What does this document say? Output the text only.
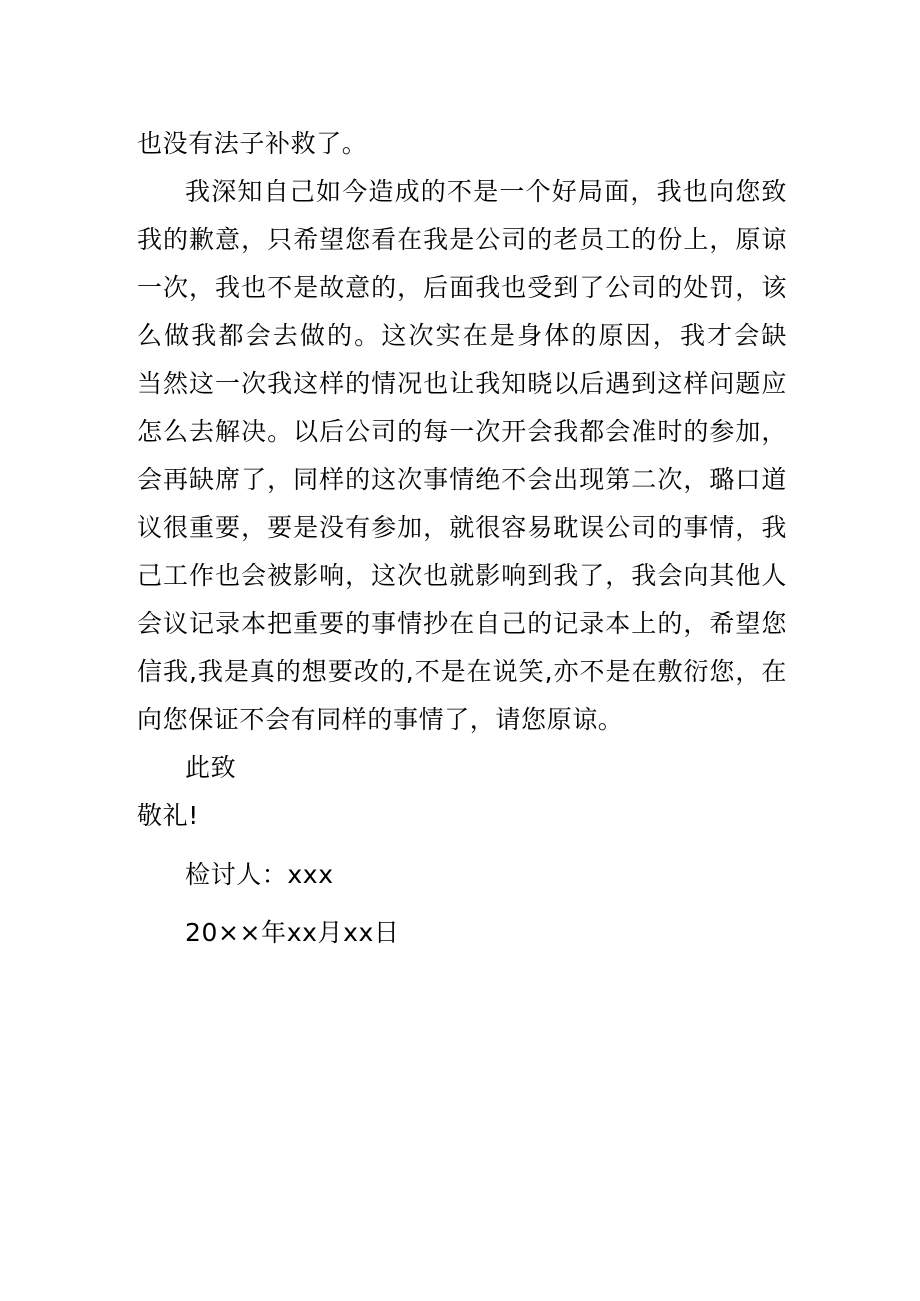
也没有法子补救了。
我深知自己如今造成的不是一个好局面，我也向您致
我的歉意，只希望您看在我是公司的老员工的份上，原谅
一次，我也不是故意的，后面我也受到了公司的处罚，该
么做我都会去做的。这次实在是身体的原因，我才会缺
当然这一次我这样的情况也让我知晓以后遇到这样问题应
怎么去解决。以后公司的每一次开会我都会准时的参加，
会再缺席了，同样的这次事情绝不会出现第二次，璐口道
议很重要，要是没有参加，就很容易耽误公司的事情，我
己工作也会被影响，这次也就影响到我了，我会向其他人
会议记录本把重要的事情抄在自己的记录本上的，希望您
信我,我是真的想要改的,不是在说笑,亦不是在敷衍您，在
向您保证不会有同样的事情了，请您原谅。
此致
敬礼!
检讨人：xxx
20××年xx月xx日
